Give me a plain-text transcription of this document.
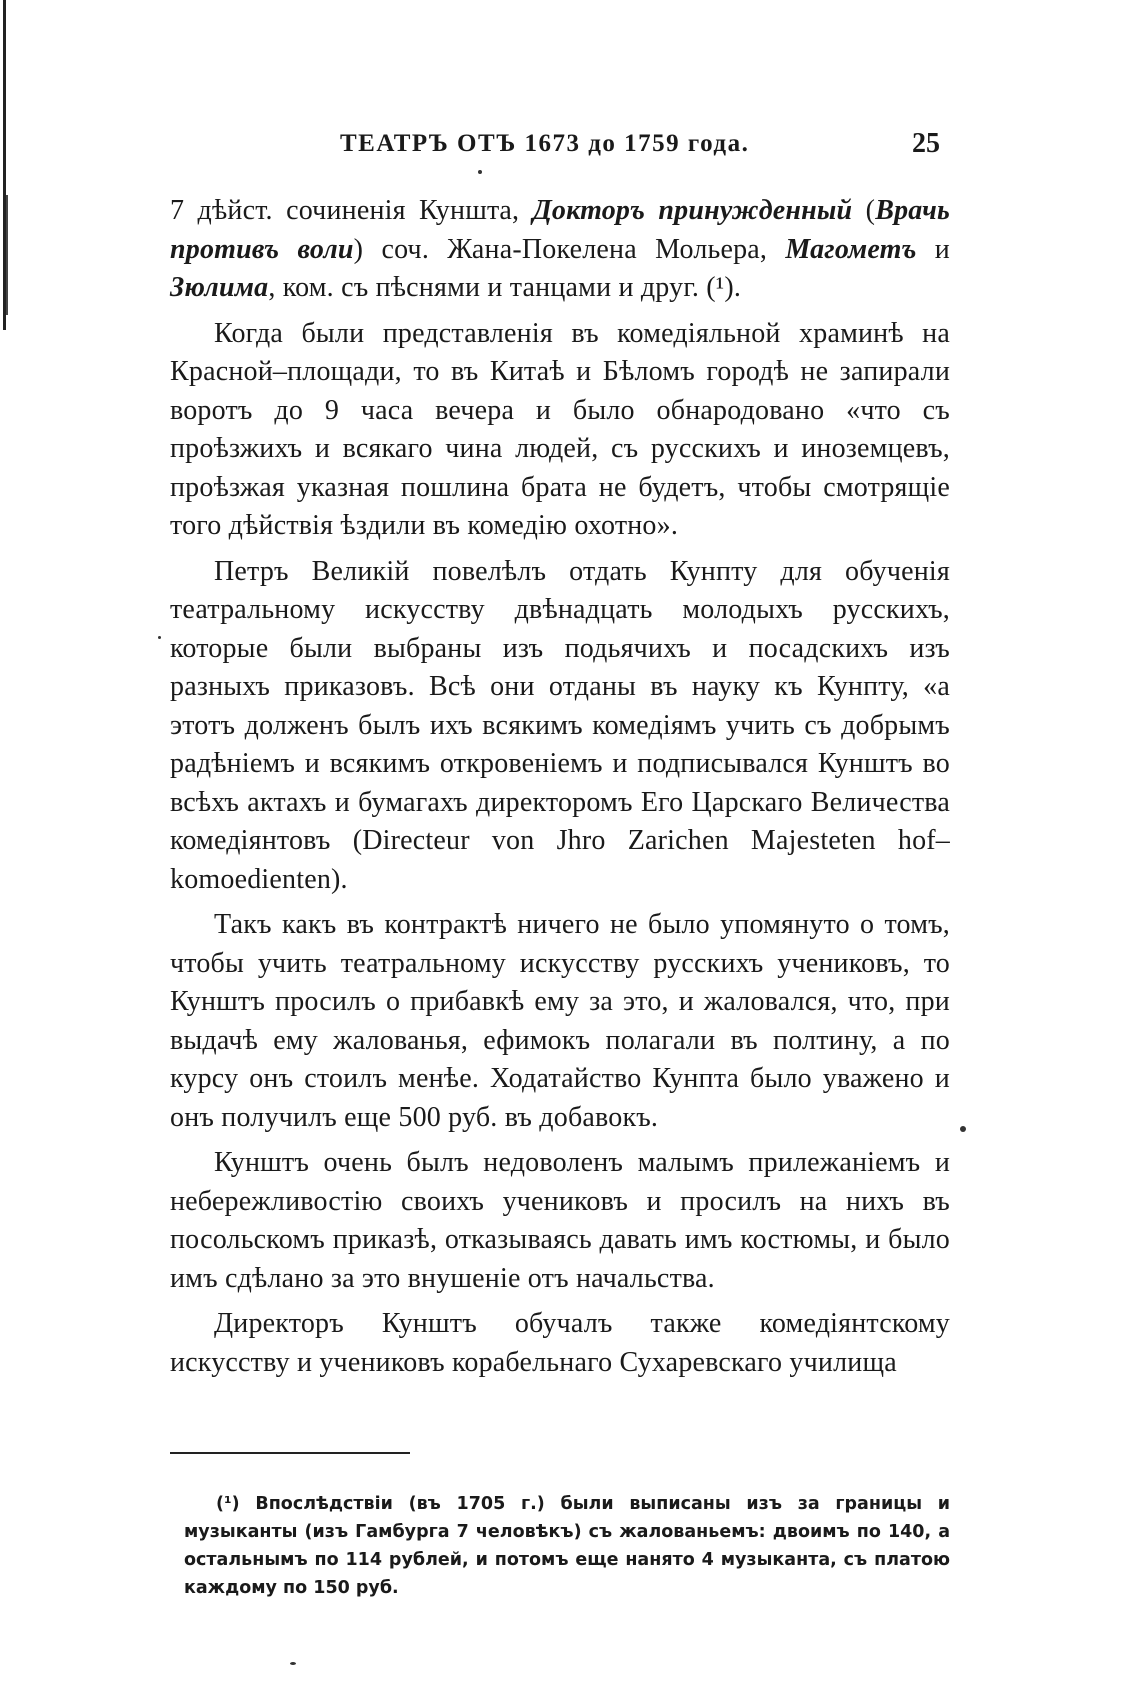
ТЕАТРЪ ОТЪ 1673 до 1759 года.	25

7 дѣйст. сочиненія Кунштa, Докторъ принужденный (Врачь противъ воли) соч. Жана-Покелена Мольера, Магометъ и Зюлима, ком. съ пѣснями и танцами и друг. (¹).

Когда были представленія въ комедіяльной храминѣ на Красной–площади, то въ Китаѣ и Бѣломъ городѣ не запирали воротъ до 9 часа вечера и было обнародовано «что съ проѣзжихъ и всякаго чина людей, съ русскихъ и иноземцевъ, проѣзжая указная пошлина брата не будетъ, чтобы смотрящіе того дѣйствія ѣздили въ комедію охотно».

Петръ Великій повелѣлъ отдать Кунпту для обученія театральному искусству двѣнадцать молодыхъ русскихъ, которые были выбраны изъ подьячихъ и посадскихъ изъ разныхъ приказовъ. Всѣ они отданы въ науку къ Кунпту, «а этотъ долженъ былъ ихъ всякимъ комедіямъ учить съ добрымъ радѣніемъ и всякимъ откровеніемъ и подписывался Кунштъ во всѣхъ актахъ и бумагахъ директоромъ Его Царскаго Величества комедіянтовъ (Directeur von Jhro Zarichen Majesteten hof–komoedienten).

Такъ какъ въ контрактѣ ничего не было упомянуто о томъ, чтобы учить театральному искусству русскихъ учениковъ, то Кунштъ просилъ о прибавкѣ ему за это, и жаловался, что, при выдачѣ ему жалованья, ефимокъ полагали въ полтину, а по курсу онъ стоилъ менѣе. Ходатайство Кунпта было уважено и онъ получилъ еще 500 руб. въ добавокъ.

Кунштъ очень былъ недоволенъ малымъ прилежаніемъ и небережливостію своихъ учениковъ и просилъ на нихъ въ посольскомъ приказѣ, отказываясь давать имъ костюмы, и было имъ сдѣлано за это внушеніе отъ начальства.

Директоръ Кунштъ обучалъ также комедіянтскому искусству и учениковъ корабельнаго Сухаревскаго училища

(¹) Впослѣдствіи (въ 1705 г.) были выписаны изъ за границы и музыканты (изъ Гамбурга 7 человѣкъ) съ жалованьемъ: двоимъ по 140, а остальнымъ по 114 рублей, и потомъ еще нанято 4 музыканта, съ платою каждому по 150 руб.
